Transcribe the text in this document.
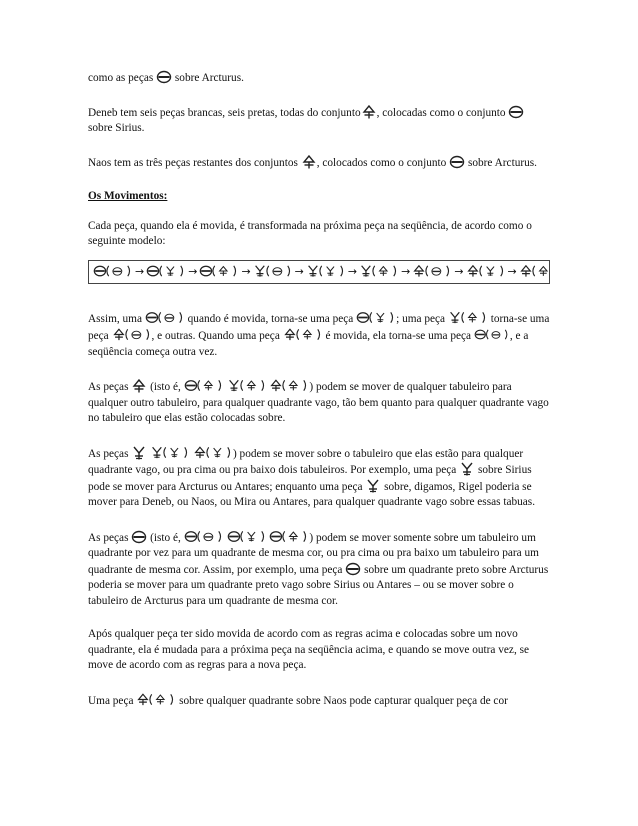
como as peças sobre Arcturus.

Deneb tem seis peças brancas, seis pretas, todas do conjunto , colocadas como o conjunto
sobre Sirius.

Naos tem as três peças restantes dos conjuntos , colocados como o conjunto sobre Arcturus.

Os Movimentos:

Cada peça, quando ela é movida, é transformada na próxima peça na seqüência, de acordo como o seguinte modelo:

→	→	→	→	→	→	→	→

Assim, uma	quando é movida, torna-se uma peça	; uma peça	torna-se uma peça	, e outras. Quando uma peça	é movida, ela torna-se uma peça	, e a seqüência começa outra vez.

As peças (isto é,

	) podem se mover de qualquer tabuleiro para qualquer outro tabuleiro, para qualquer quadrante vago, tão bem quanto para qualquer quadrante vago no tabuleiro que elas estão colocadas sobre.

As peças

	) podem se mover sobre o tabuleiro que elas estão para qualquer quadrante vago, ou pra cima ou pra baixo dois tabuleiros. Por exemplo, uma peça sobre Sirius pode se mover para Arcturus ou Antares; enquanto uma peça sobre, digamos, Rigel poderia se mover para Deneb, ou Naos, ou Mira ou Antares, para qualquer quadrante vago sobre essas tabuas.

As peças (isto é,

	) podem se mover somente sobre um tabuleiro um quadrante por vez para um quadrante de mesma cor, ou pra cima ou pra baixo um tabuleiro para um quadrante de mesma cor. Assim, por exemplo, uma peça sobre um quadrante preto sobre Arcturus poderia se mover para um quadrante preto vago sobre Sirius ou Antares – ou se mover sobre o tabuleiro de Arcturus para um quadrante de mesma cor.

Após qualquer peça ter sido movida de acordo com as regras acima e colocadas sobre um novo quadrante, ela é mudada para a próxima peça na seqüência acima, e quando se move outra vez, se move de acordo com as regras para a nova peça.

Uma peça	sobre qualquer quadrante sobre Naos pode capturar qualquer peça de cor
